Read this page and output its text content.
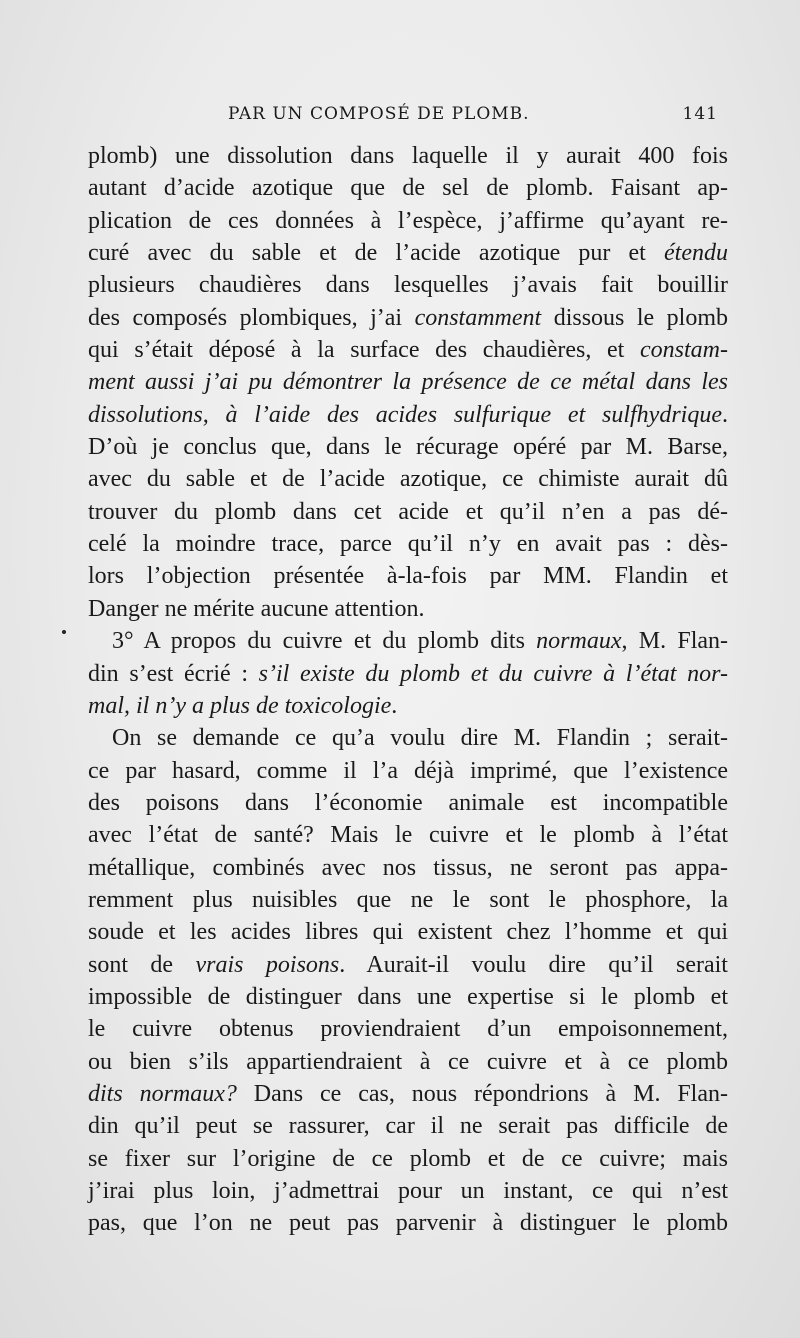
PAR UN COMPOSÉ DE PLOMB.	141
plomb) une dissolution dans laquelle il y aurait 400 fois
autant d’acide azotique que de sel de plomb. Faisant ap-
plication de ces données à l’espèce, j’affirme qu’ayant re-
curé avec du sable et de l’acide azotique pur et étendu
plusieurs chaudières dans lesquelles j’avais fait bouillir
des composés plombiques, j’ai constamment dissous le plomb
qui s’était déposé à la surface des chaudières, et constam-
ment aussi j’ai pu démontrer la présence de ce métal dans les
dissolutions, à l’aide des acides sulfurique et sulfhydrique.
D’où je conclus que, dans le récurage opéré par M. Barse,
avec du sable et de l’acide azotique, ce chimiste aurait dû
trouver du plomb dans cet acide et qu’il n’en a pas dé-
celé la moindre trace, parce qu’il n’y en avait pas : dès-
lors l’objection présentée à-la-fois par MM. Flandin et
Danger ne mérite aucune attention.
3° A propos du cuivre et du plomb dits normaux, M. Flan-
din s’est écrié : s’il existe du plomb et du cuivre à l’état nor-
mal, il n’y a plus de toxicologie.
On se demande ce qu’a voulu dire M. Flandin ; serait-
ce par hasard, comme il l’a déjà imprimé, que l’existence
des poisons dans l’économie animale est incompatible
avec l’état de santé? Mais le cuivre et le plomb à l’état
métallique, combinés avec nos tissus, ne seront pas appa-
remment plus nuisibles que ne le sont le phosphore, la
soude et les acides libres qui existent chez l’homme et qui
sont de vrais poisons. Aurait-il voulu dire qu’il serait
impossible de distinguer dans une expertise si le plomb et
le cuivre obtenus proviendraient d’un empoisonnement,
ou bien s’ils appartiendraient à ce cuivre et à ce plomb
dits normaux? Dans ce cas, nous répondrions à M. Flan-
din qu’il peut se rassurer, car il ne serait pas difficile de
se fixer sur l’origine de ce plomb et de ce cuivre; mais
j’irai plus loin, j’admettrai pour un instant, ce qui n’est
pas, que l’on ne peut pas parvenir à distinguer le plomb
